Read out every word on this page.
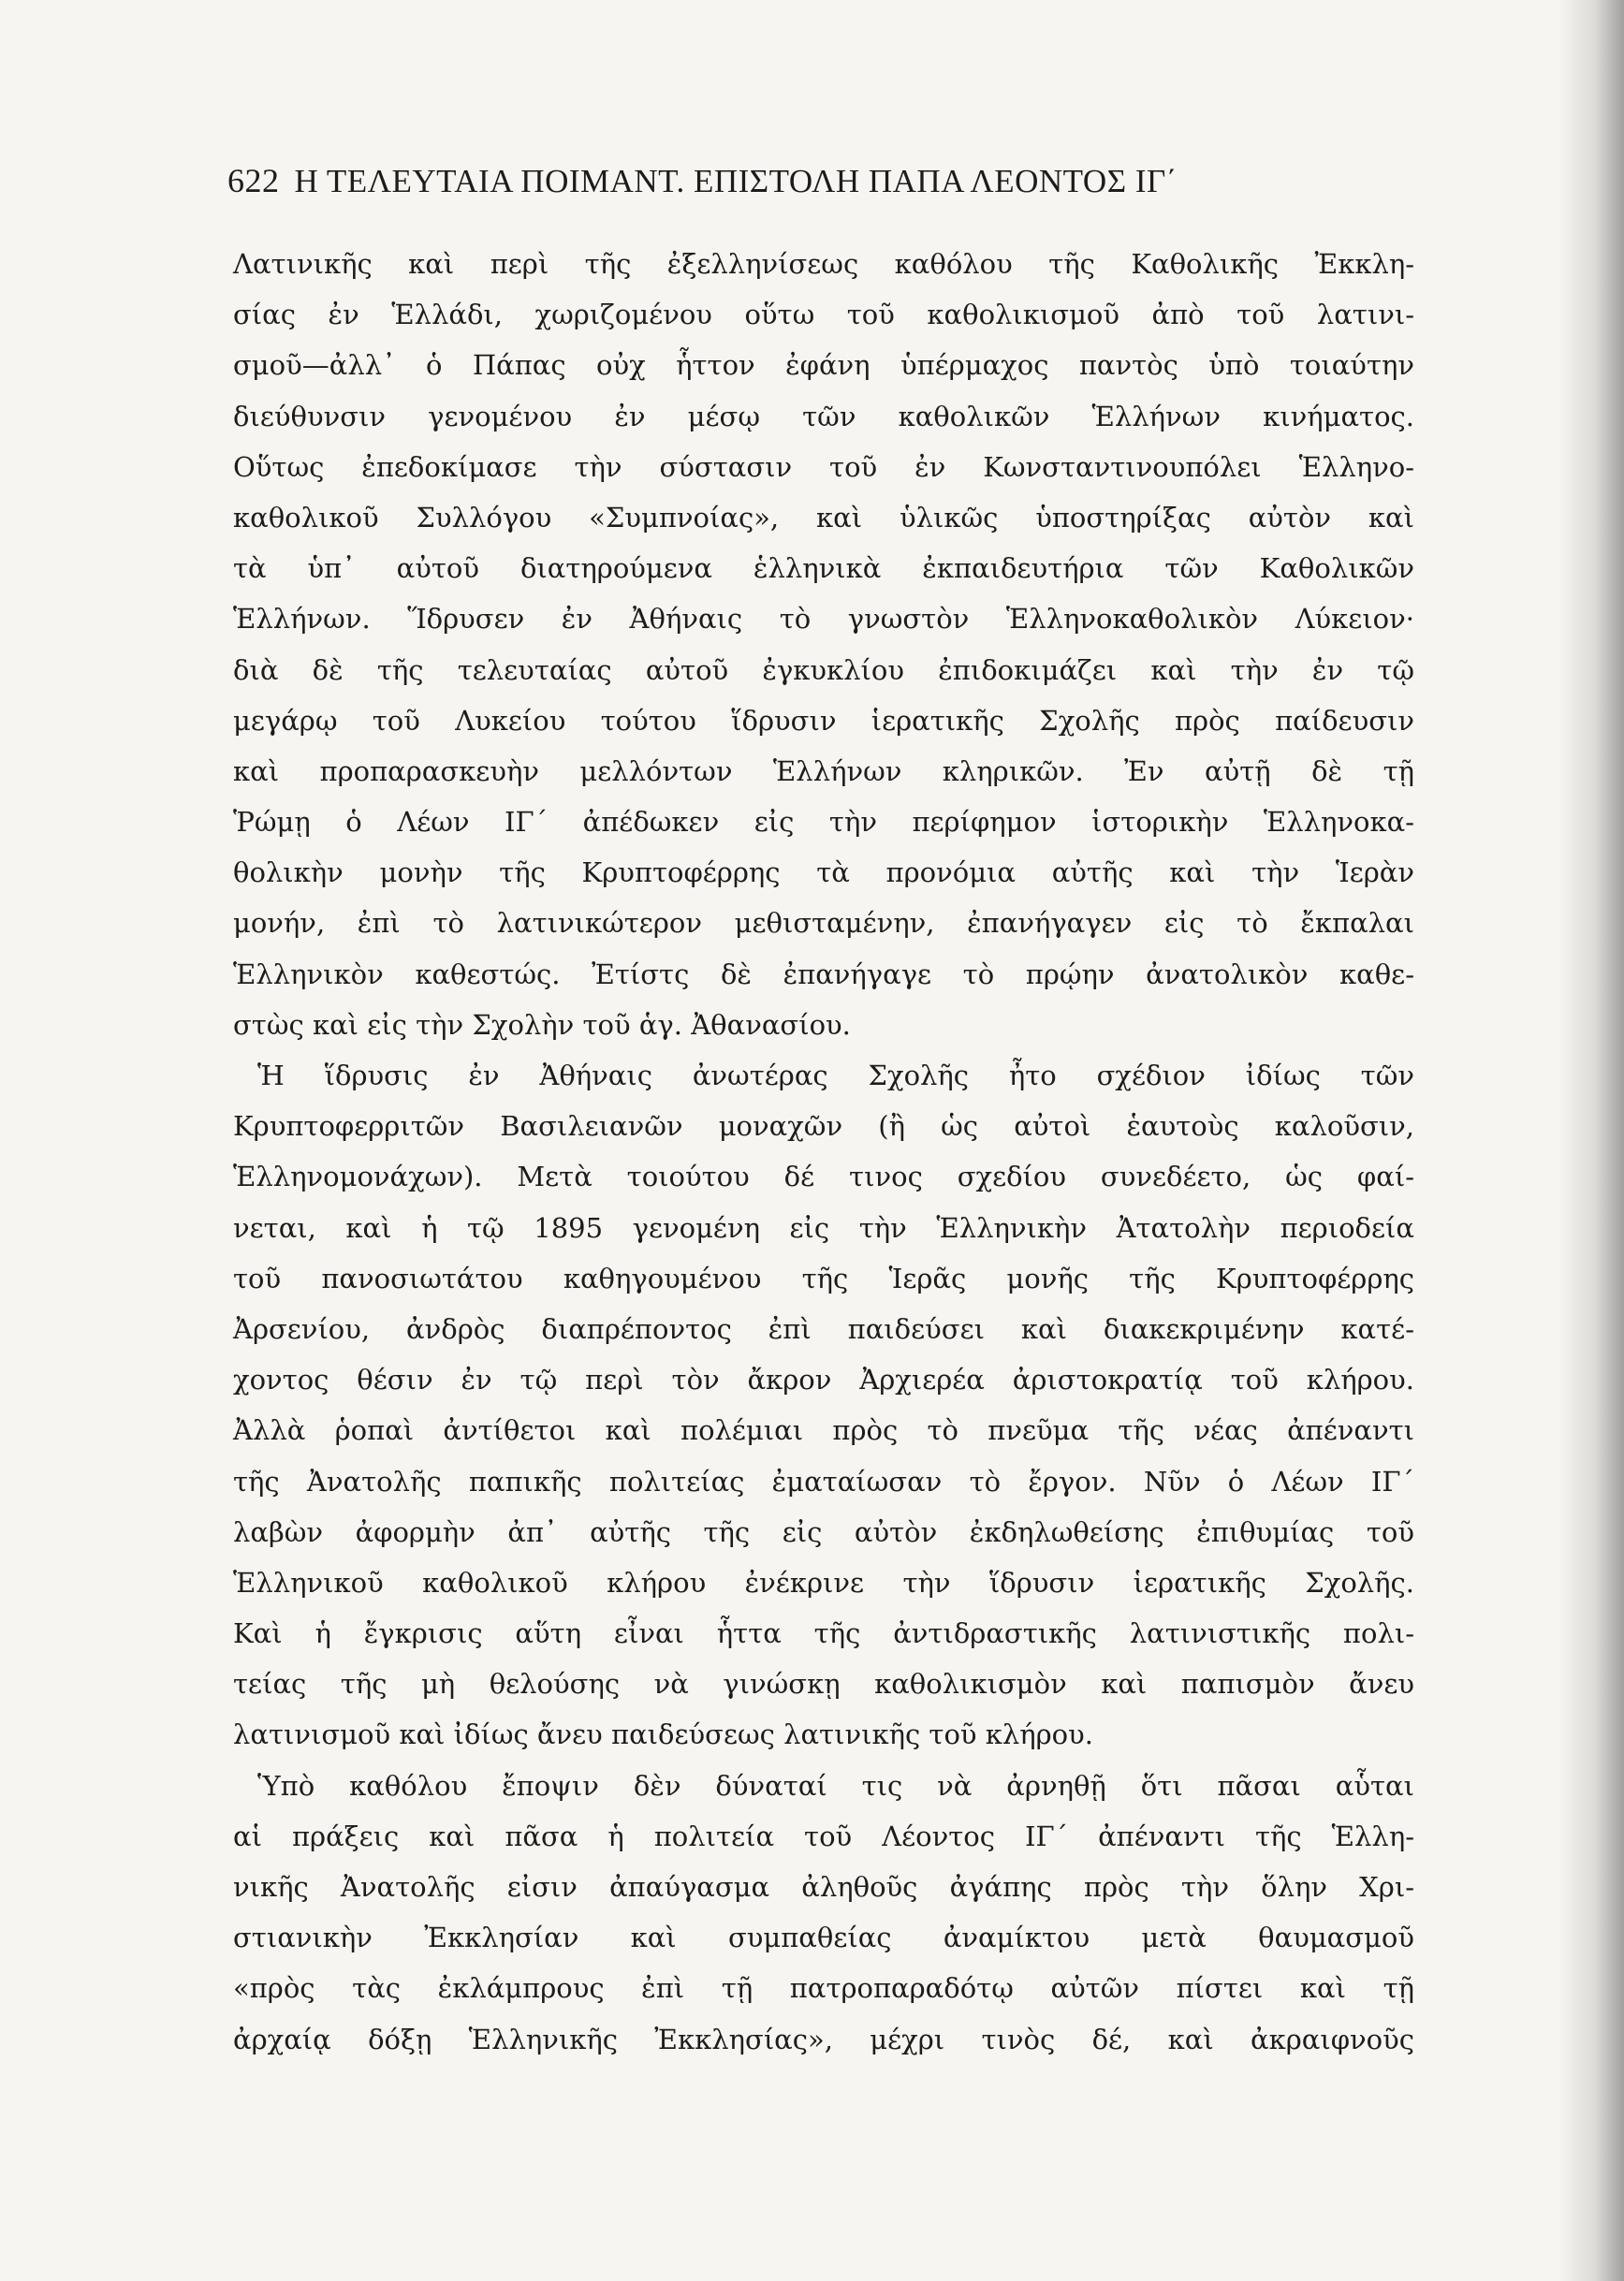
622 Η ΤΕΛΕΥΤΑΙΑ ΠΟΙΜΑΝΤ. ΕΠΙΣΤΟΛΗ ΠΑΠΑ ΛΕΟΝΤΟΣ ΙΓ΄
Λατινικῆς καὶ περὶ τῆς ἐξελληνίσεως καθόλου τῆς Καθολικῆς Ἐκκλη-
σίας ἐν Ἑλλάδι, χωριζομένου οὕτω τοῦ καθολικισμοῦ ἀπὸ τοῦ λατινι-
σμοῦ—ἀλλ᾽ ὁ Πάπας οὐχ ἧττον ἐφάνη ὑπέρμαχος παντὸς ὑπὸ τοιαύτην
διεύθυνσιν γενομένου ἐν μέσῳ τῶν καθολικῶν Ἑλλήνων κινήματος.
Οὕτως ἐπεδοκίμασε τὴν σύστασιν τοῦ ἐν Κωνσταντινουπόλει Ἑλληνο-
καθολικοῦ Συλλόγου «Συμπνοίας», καὶ ὑλικῶς ὑποστηρίξας αὐτὸν καὶ
τὰ ὑπ᾽ αὐτοῦ διατηρούμενα ἑλληνικὰ ἐκπαιδευτήρια τῶν Καθολικῶν
Ἑλλήνων. Ἵδρυσεν ἐν Ἀθήναις τὸ γνωστὸν Ἑλληνοκαθολικὸν Λύκειον·
διὰ δὲ τῆς τελευταίας αὐτοῦ ἐγκυκλίου ἐπιδοκιμάζει καὶ τὴν ἐν τῷ
μεγάρῳ τοῦ Λυκείου τούτου ἵδρυσιν ἱερατικῆς Σχολῆς πρὸς παίδευσιν
καὶ προπαρασκευὴν μελλόντων Ἑλλήνων κληρικῶν. Ἐν αὐτῇ δὲ τῇ
Ῥώμῃ ὁ Λέων ΙΓ΄ ἀπέδωκεν εἰς τὴν περίφημον ἱστορικὴν Ἑλληνοκα-
θολικὴν μονὴν τῆς Κρυπτοφέρρης τὰ προνόμια αὐτῆς καὶ τὴν Ἱερὰν
μονήν, ἐπὶ τὸ λατινικώτερον μεθισταμένην, ἐπανήγαγεν εἰς τὸ ἔκπαλαι
Ἑλληνικὸν καθεστώς. Ἐτίστς δὲ ἐπανήγαγε τὸ πρῴην ἀνατολικὸν καθε-
στὼς καὶ εἰς τὴν Σχολὴν τοῦ ἁγ. Ἀθανασίου.
Ἡ ἵδρυσις ἐν Ἀθήναις ἀνωτέρας Σχολῆς ἦτο σχέδιον ἰδίως τῶν
Κρυπτοφερριτῶν Βασιλειανῶν μοναχῶν (ἢ ὡς αὐτοὶ ἑαυτοὺς καλοῦσιν,
Ἑλληνομονάχων). Μετὰ τοιούτου δέ τινος σχεδίου συνεδέετο, ὡς φαί-
νεται, καὶ ἡ τῷ 1895 γενομένη εἰς τὴν Ἑλληνικὴν Ἀτατολὴν περιοδεία
τοῦ πανοσιωτάτου καθηγουμένου τῆς Ἱερᾶς μονῆς τῆς Κρυπτοφέρρης
Ἀρσενίου, ἀνδρὸς διαπρέποντος ἐπὶ παιδεύσει καὶ διακεκριμένην κατέ-
χοντος θέσιν ἐν τῷ περὶ τὸν ἄκρον Ἀρχιερέα ἀριστοκρατίᾳ τοῦ κλήρου.
Ἀλλὰ ῥοπαὶ ἀντίθετοι καὶ πολέμιαι πρὸς τὸ πνεῦμα τῆς νέας ἀπέναντι
τῆς Ἀνατολῆς παπικῆς πολιτείας ἐματαίωσαν τὸ ἔργον. Νῦν ὁ Λέων ΙΓ΄
λαβὼν ἀφορμὴν ἀπ᾽ αὐτῆς τῆς εἰς αὐτὸν ἐκδηλωθείσης ἐπιθυμίας τοῦ
Ἑλληνικοῦ καθολικοῦ κλήρου ἐνέκρινε τὴν ἵδρυσιν ἱερατικῆς Σχολῆς.
Καὶ ἡ ἔγκρισις αὕτη εἶναι ἧττα τῆς ἀντιδραστικῆς λατινιστικῆς πολι-
τείας τῆς μὴ θελούσης νὰ γινώσκῃ καθολικισμὸν καὶ παπισμὸν ἄνευ
λατινισμοῦ καὶ ἰδίως ἄνευ παιδεύσεως λατινικῆς τοῦ κλήρου.
Ὑπὸ καθόλου ἔποψιν δὲν δύναταί τις νὰ ἀρνηθῇ ὅτι πᾶσαι αὗται
αἱ πράξεις καὶ πᾶσα ἡ πολιτεία τοῦ Λέοντος ΙΓ΄ ἀπέναντι τῆς Ἑλλη-
νικῆς Ἀνατολῆς εἰσιν ἀπαύγασμα ἀληθοῦς ἀγάπης πρὸς τὴν ὅλην Χρι-
στιανικὴν Ἐκκλησίαν καὶ συμπαθείας ἀναμίκτου μετὰ θαυμασμοῦ
«πρὸς τὰς ἐκλάμπρους ἐπὶ τῇ πατροπαραδότῳ αὐτῶν πίστει καὶ τῇ
ἀρχαίᾳ δόξῃ Ἑλληνικῆς Ἐκκλησίας», μέχρι τινὸς δέ, καὶ ἀκραιφνοῦς
